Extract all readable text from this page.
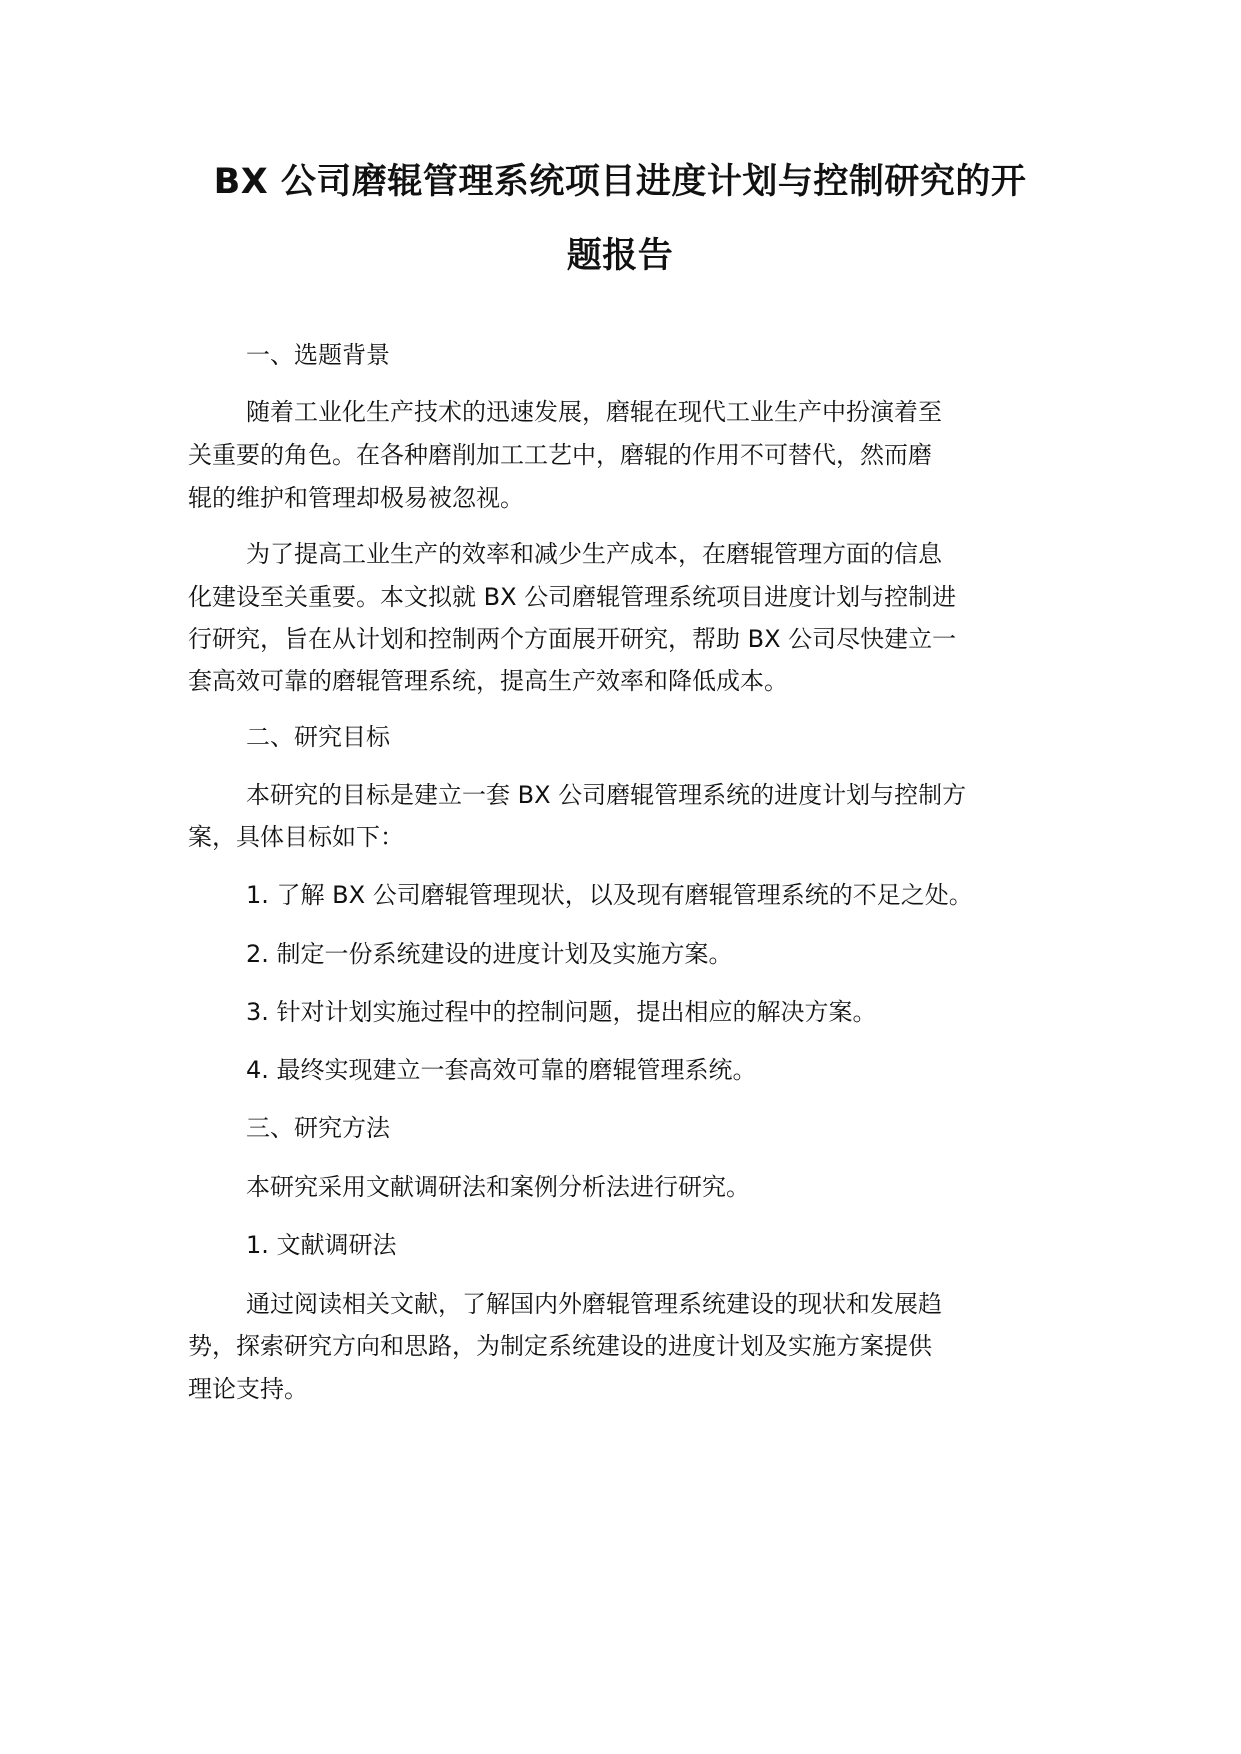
BX 公司磨辊管理系统项目进度计划与控制研究的开
题报告
一、选题背景
随着工业化生产技术的迅速发展，磨辊在现代工业生产中扮演着至
关重要的角色。在各种磨削加工工艺中，磨辊的作用不可替代，然而磨
辊的维护和管理却极易被忽视。
为了提高工业生产的效率和减少生产成本，在磨辊管理方面的信息
化建设至关重要。本文拟就 BX 公司磨辊管理系统项目进度计划与控制进
行研究，旨在从计划和控制两个方面展开研究，帮助 BX 公司尽快建立一
套高效可靠的磨辊管理系统，提高生产效率和降低成本。
二、研究目标
本研究的目标是建立一套 BX 公司磨辊管理系统的进度计划与控制方
案，具体目标如下：
1. 了解 BX 公司磨辊管理现状，以及现有磨辊管理系统的不足之处。
2. 制定一份系统建设的进度计划及实施方案。
3. 针对计划实施过程中的控制问题，提出相应的解决方案。
4. 最终实现建立一套高效可靠的磨辊管理系统。
三、研究方法
本研究采用文献调研法和案例分析法进行研究。
1. 文献调研法
通过阅读相关文献，了解国内外磨辊管理系统建设的现状和发展趋
势，探索研究方向和思路，为制定系统建设的进度计划及实施方案提供
理论支持。
